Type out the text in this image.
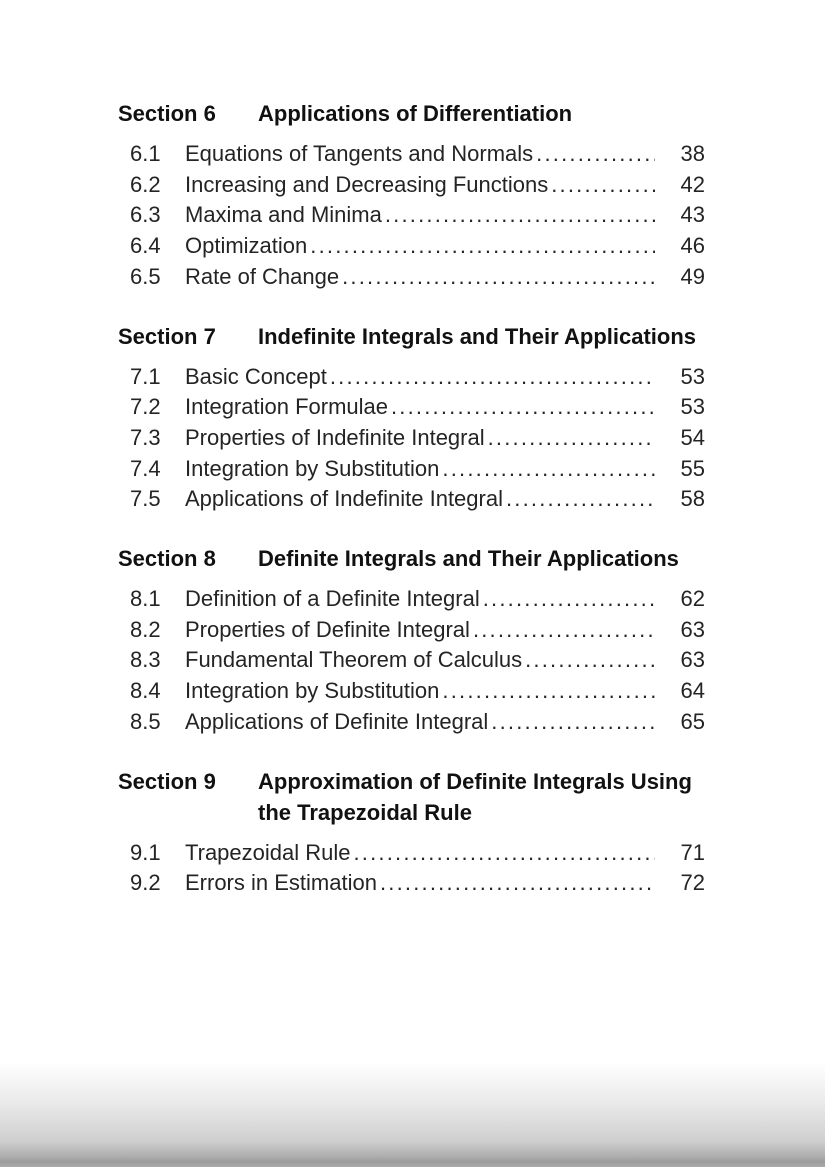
Section 6	Applications of Differentiation
6.1	Equations of Tangents and Normals .....	38
6.2	Increasing and Decreasing Functions .....	42
6.3	Maxima and Minima .....	43
6.4	Optimization .....	46
6.5	Rate of Change .....	49
Section 7	Indefinite Integrals and Their Applications
7.1	Basic Concept .....	53
7.2	Integration Formulae .....	53
7.3	Properties of Indefinite Integral .....	54
7.4	Integration by Substitution .....	55
7.5	Applications of Indefinite Integral .....	58
Section 8	Definite Integrals and Their Applications
8.1	Definition of a Definite Integral .....	62
8.2	Properties of Definite Integral .....	63
8.3	Fundamental Theorem of Calculus .....	63
8.4	Integration by Substitution .....	64
8.5	Applications of Definite Integral .....	65
Section 9	Approximation of Definite Integrals Using the Trapezoidal Rule
9.1	Trapezoidal Rule .....	71
9.2	Errors in Estimation .....	72
